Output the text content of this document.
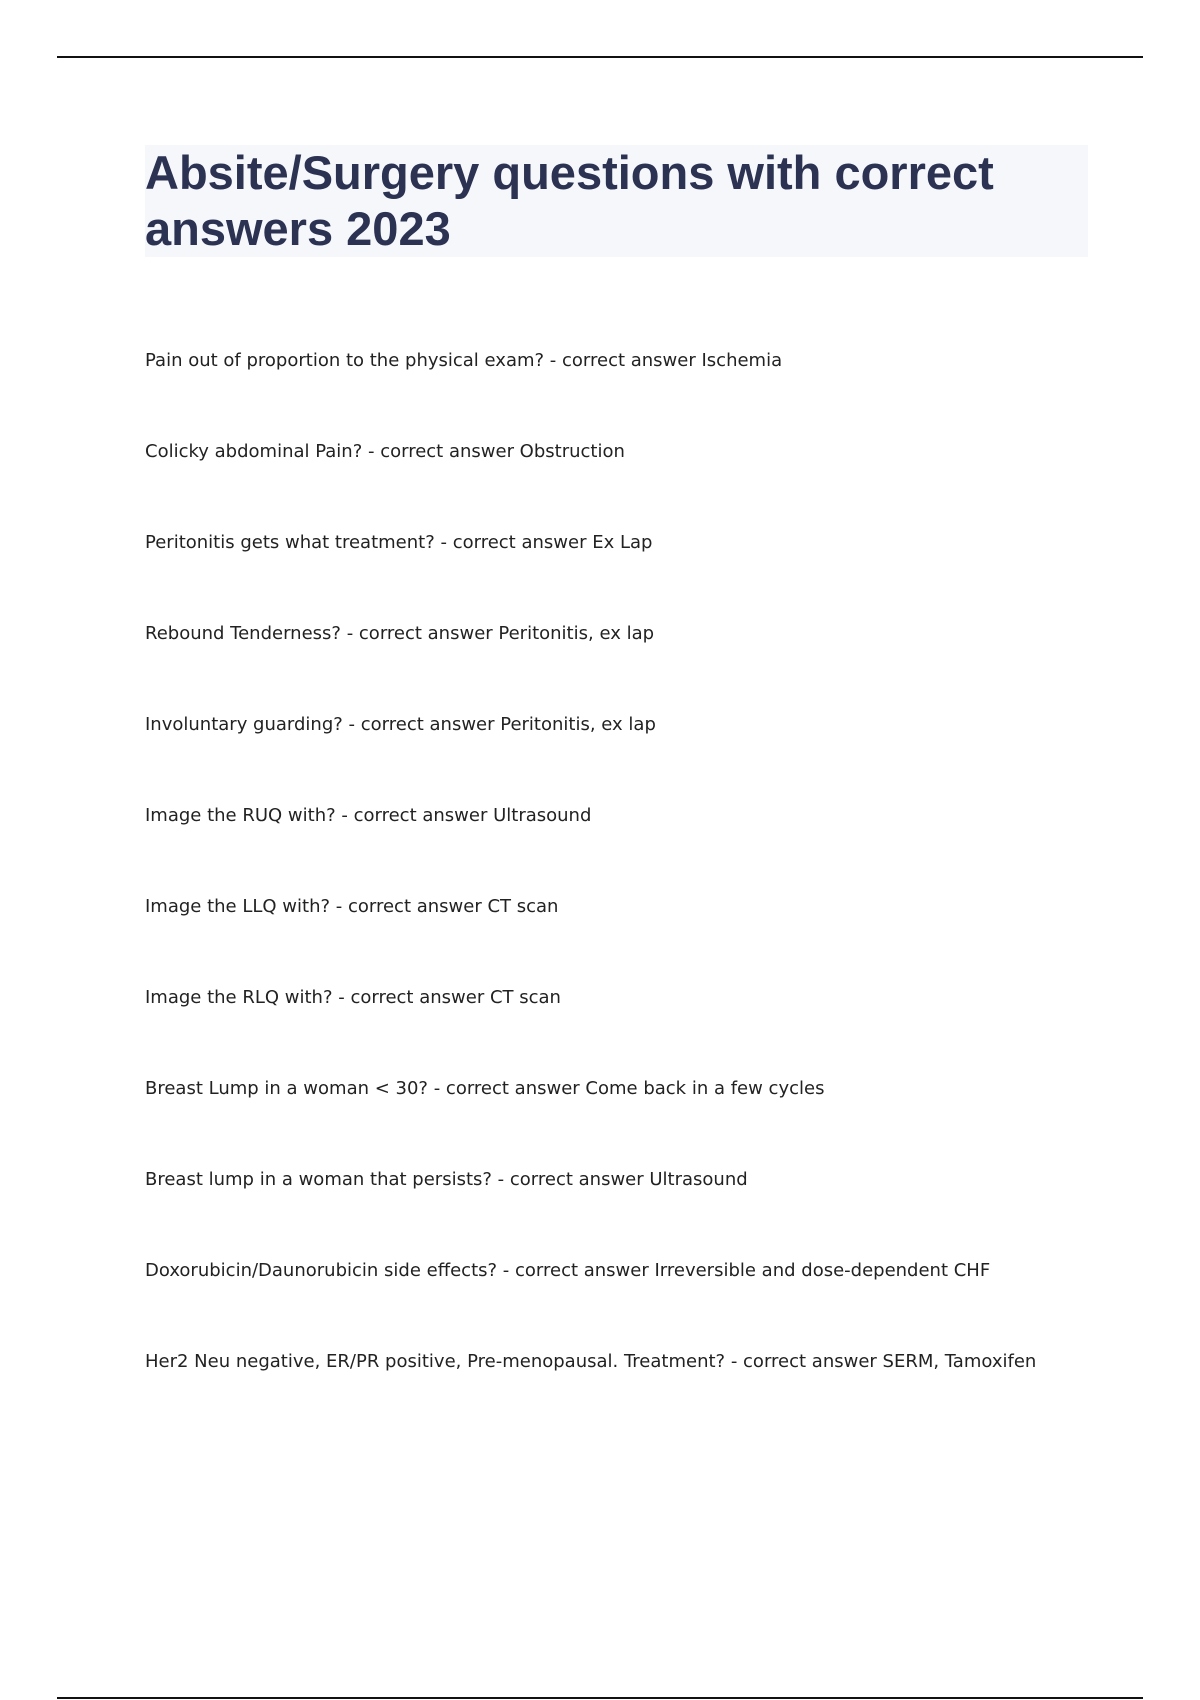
Absite/Surgery questions with correct answers 2023
Pain out of proportion to the physical exam? - correct answer Ischemia
Colicky abdominal Pain? - correct answer Obstruction
Peritonitis gets what treatment? - correct answer Ex Lap
Rebound Tenderness? - correct answer Peritonitis, ex lap
Involuntary guarding? - correct answer Peritonitis, ex lap
Image the RUQ with? - correct answer Ultrasound
Image the LLQ with? - correct answer CT scan
Image the RLQ with? - correct answer CT scan
Breast Lump in a woman < 30? - correct answer Come back in a few cycles
Breast lump in a woman that persists? - correct answer Ultrasound
Doxorubicin/Daunorubicin side effects? - correct answer Irreversible and dose-dependent CHF
Her2 Neu negative, ER/PR positive, Pre-menopausal. Treatment? - correct answer SERM, Tamoxifen
